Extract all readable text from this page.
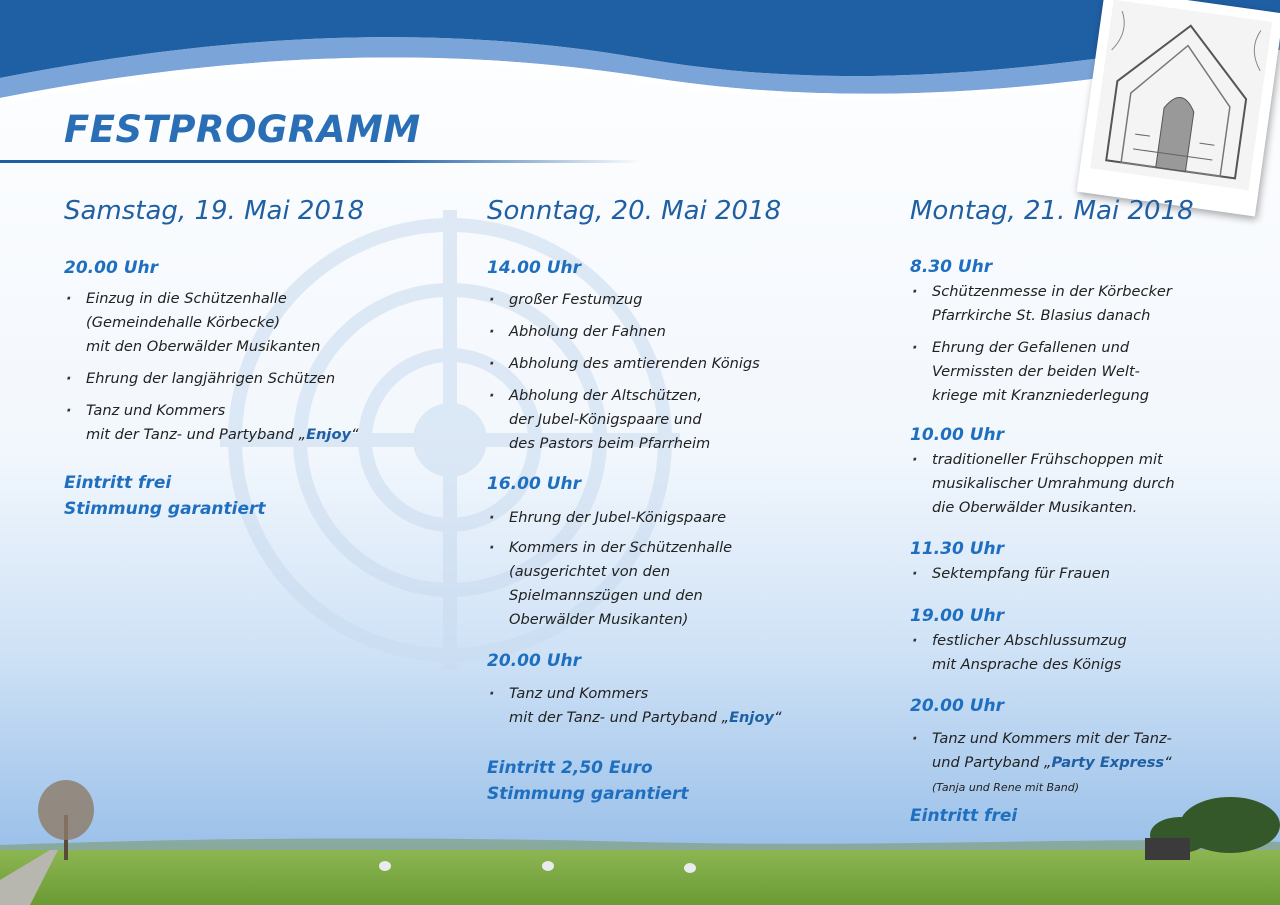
FESTPROGRAMM
Samstag, 19. Mai 2018
20.00 Uhr
· Einzug in die Schützenhalle
(Gemeindehalle Körbecke)
mit den Oberwälder Musikanten
· Ehrung der langjährigen Schützen
· Tanz und Kommers
mit der Tanz- und Partyband „Enjoy“
Eintritt frei
Stimmung garantiert
Sonntag, 20. Mai 2018
14.00 Uhr
· großer Festumzug
· Abholung der Fahnen
· Abholung des amtierenden Königs
· Abholung der Altschützen,
der Jubel-Königspaare und
des Pastors beim Pfarrheim
16.00 Uhr
· Ehrung der Jubel-Königspaare
· Kommers in der Schützenhalle
(ausgerichtet von den
Spielmannszügen und den
Oberwälder Musikanten)
20.00 Uhr
· Tanz und Kommers
mit der Tanz- und Partyband „Enjoy“
Eintritt 2,50 Euro
Stimmung garantiert
Montag, 21. Mai 2018
8.30 Uhr
· Schützenmesse in der Körbecker
Pfarrkirche St. Blasius danach
· Ehrung der Gefallenen und
Vermissten der beiden Welt-
kriege mit Kranzniederlegung
10.00 Uhr
· traditioneller Frühschoppen mit
musikalischer Umrahmung durch
die Oberwälder Musikanten.
11.30 Uhr
· Sektempfang für Frauen
19.00 Uhr
· festlicher Abschlussumzug
mit Ansprache des Königs
20.00 Uhr
· Tanz und Kommers mit der Tanz-
und Partyband „Party Express“
(Tanja und Rene mit Band)
Eintritt frei
